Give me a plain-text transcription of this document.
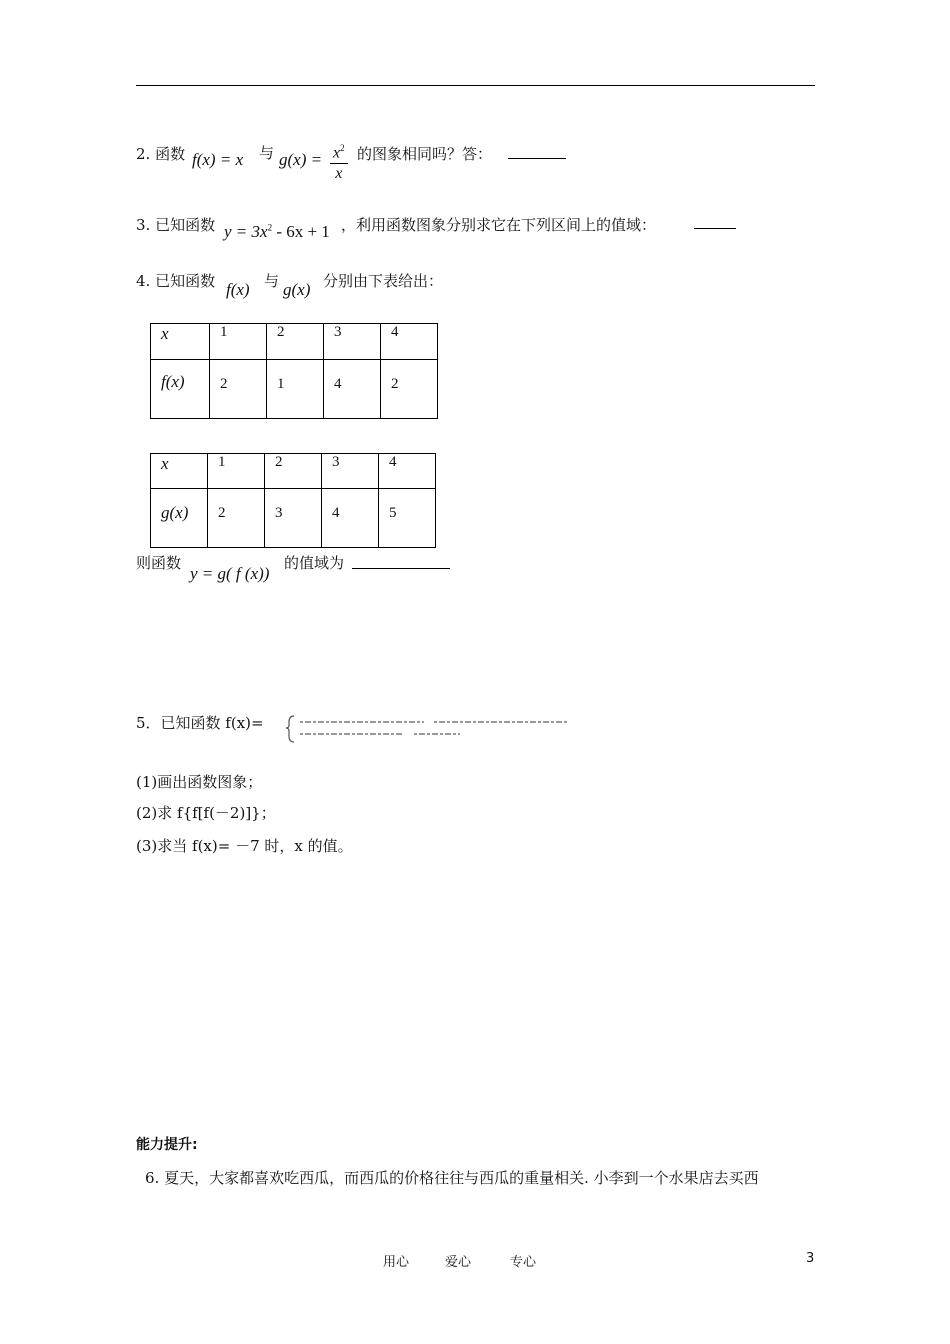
2. 函数 f(x) = x 与 $g(x) = \frac{x^2}{x}$ 的图象相同吗？答：
3. 已知函数 $y = 3x^2 - 6x + 1$ ，利用函数图象分别求它在下列区间上的值域：
4. 已知函数 f(x) 与 g(x) 分别由下表给出：
x	1	2	3	4
f(x)	2	1	4	2
x	1	2	3	4
g(x)	2	3	4	5
则函数
y = g( f (x))
的值域为
5．已知函数 f(x)=
(1)画出函数图象；
(2)求 f{f[f(－2)]}；
(3)求当 f(x)= －7 时，x 的值。
能力提升:
6. 夏天，大家都喜欢吃西瓜，而西瓜的价格往往与西瓜的重量相关. 小李到一个水果店去买西
用心	爱心	专心	3
